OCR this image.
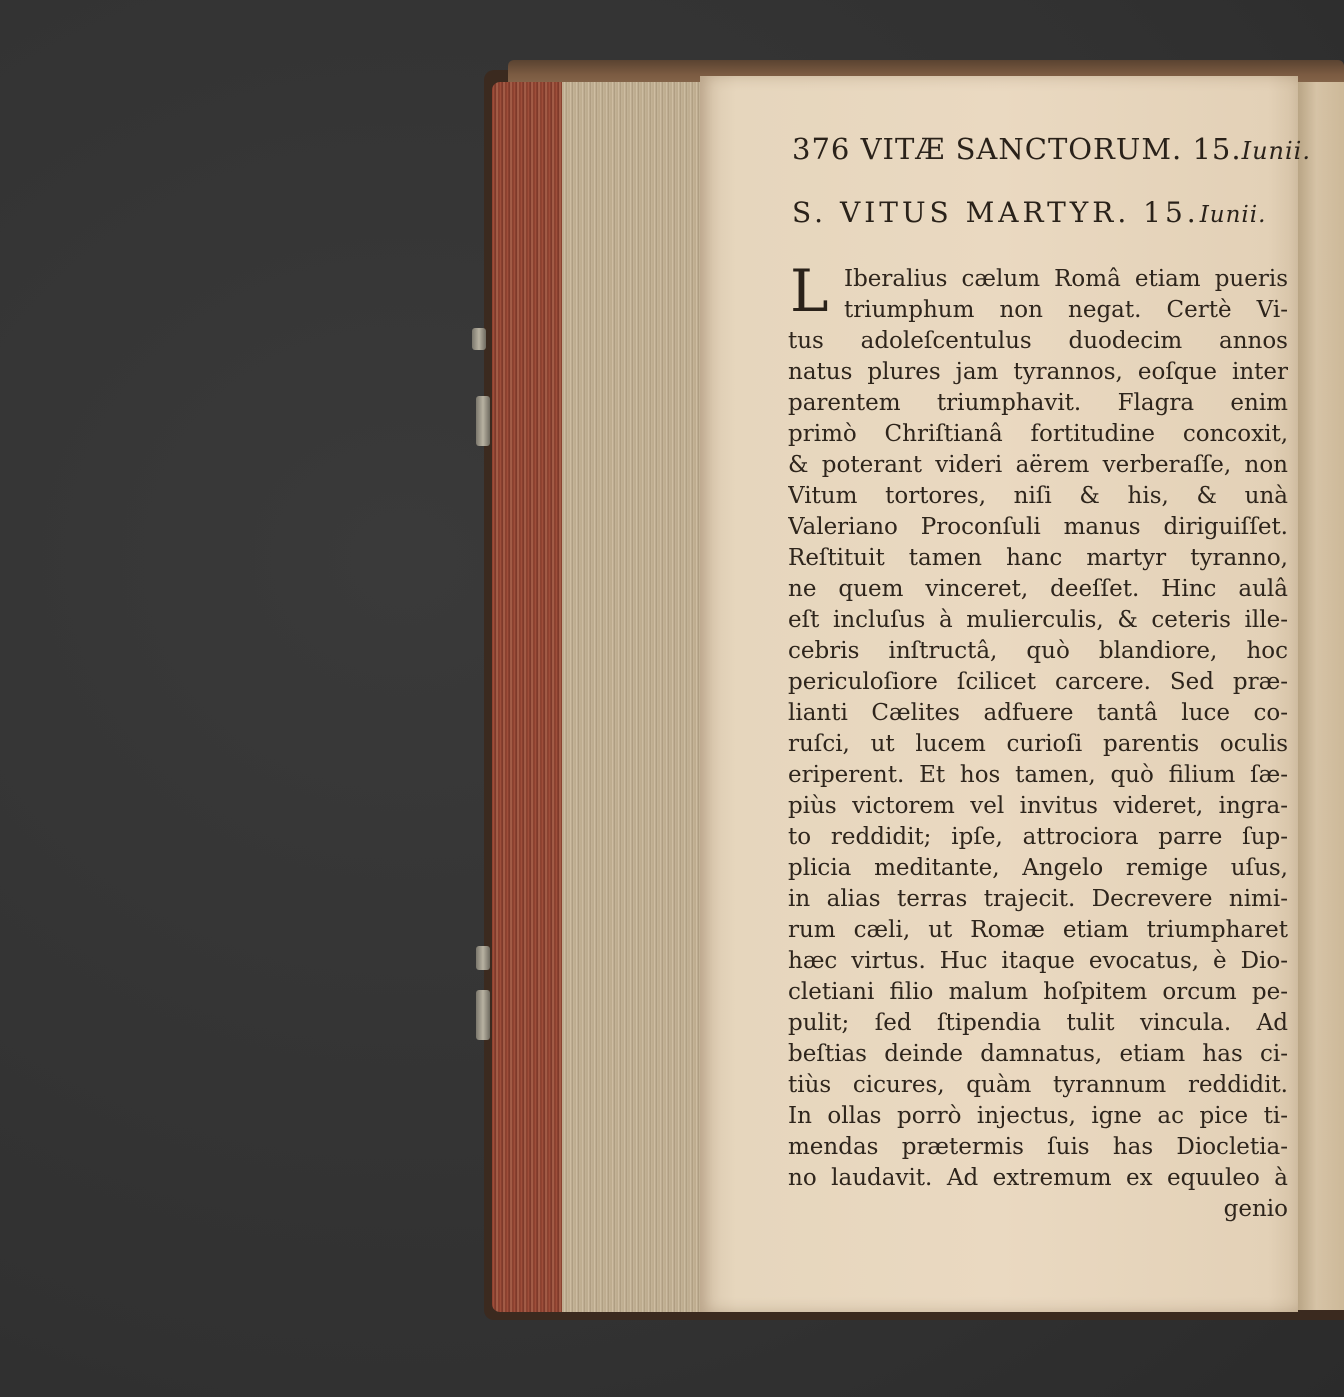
376 VITÆ SANCTORUM. 15.Iunii.
S. VITUS MARTYR. 15.Iunii.
L Iberalius cælum Româ etiam pueris
triumphum non negat. Certè Vi-
tus adoleſcentulus duodecim annos
natus plures jam tyrannos, eoſque inter
parentem triumphavit. Flagra enim
primò Chriſtianâ fortitudine concoxit,
& poterant videri aërem verberaſſe, non
Vitum tortores, niſi & his, & unà
Valeriano Proconſuli manus diriguiſſet.
Reſtituit tamen hanc martyr tyranno,
ne quem vinceret, deeſſet. Hinc aulâ
eſt incluſus à mulierculis, & ceteris ille-
cebris inſtructâ, quò blandiore, hoc
periculoſiore ſcilicet carcere. Sed præ-
lianti Cælites adfuere tantâ luce co-
ruſci, ut lucem curioſi parentis oculis
eriperent. Et hos tamen, quò filium ſæ-
piùs victorem vel invitus videret, ingra-
to reddidit; ipſe, attrociora parre ſup-
plicia meditante, Angelo remige uſus,
in alias terras trajecit. Decrevere nimi-
rum cæli, ut Romæ etiam triumpharet
hæc virtus. Huc itaque evocatus, è Dio-
cletiani filio malum hoſpitem orcum pe-
pulit; ſed ſtipendia tulit vincula. Ad
beſtias deinde damnatus, etiam has ci-
tiùs cicures, quàm tyrannum reddidit.
In ollas porrò injectus, igne ac pice ti-
mendas prætermis ſuis has Diocletia-
no laudavit. Ad extremum ex equuleo à
genio
